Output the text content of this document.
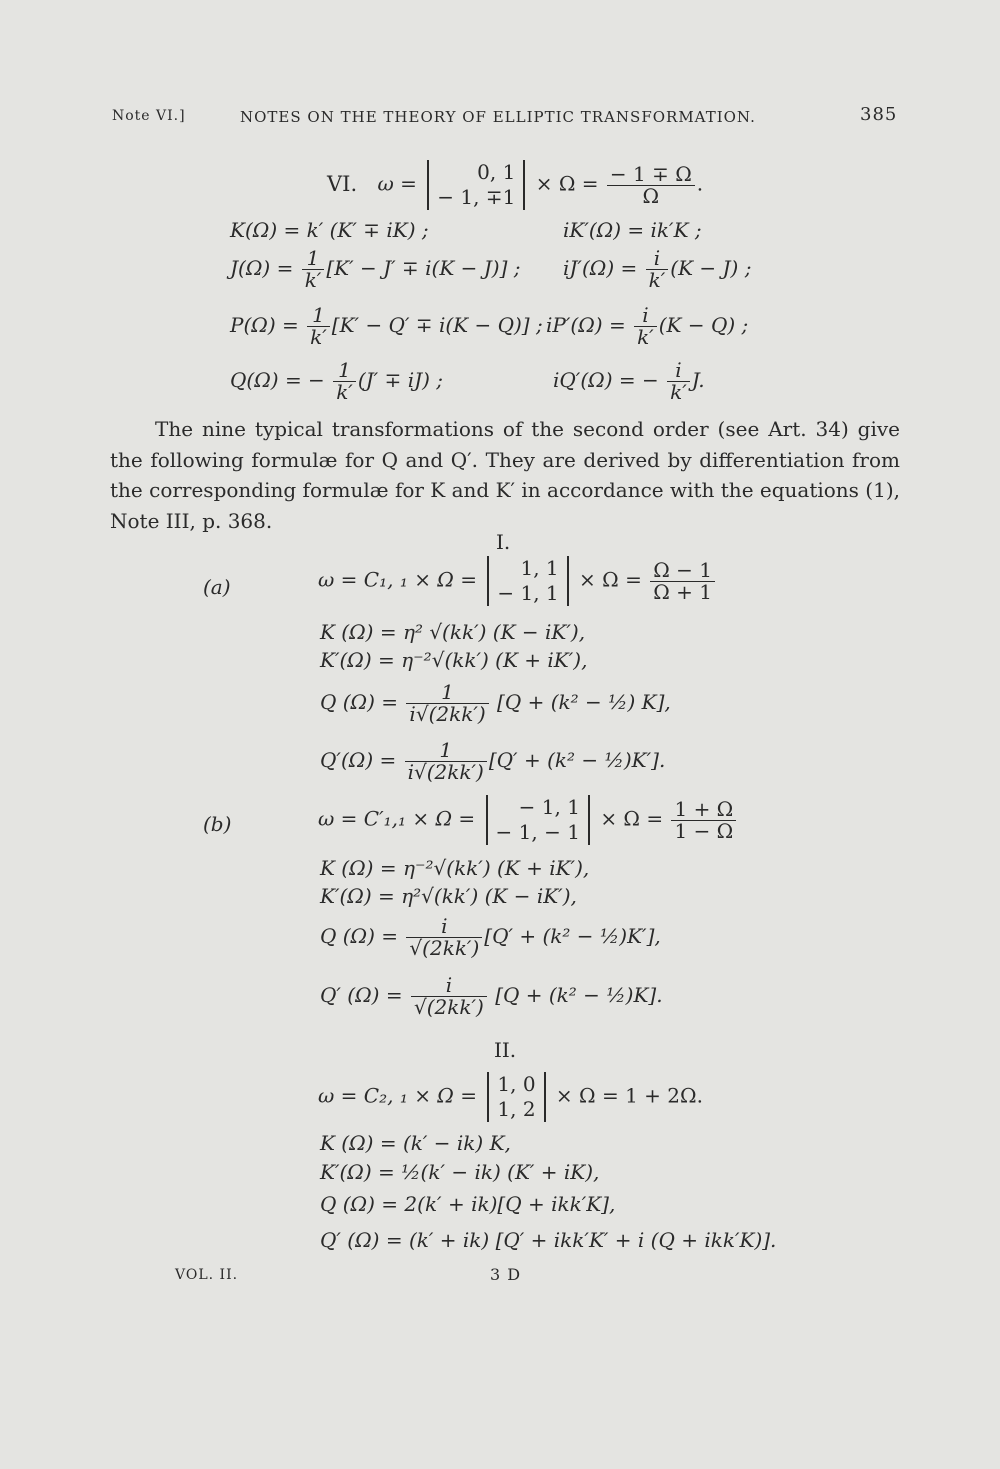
Note VI.]	NOTES ON THE THEORY OF ELLIPTIC TRANSFORMATION.	385
VI. ω =	0, 1
− 1, ∓1
× $\Omega = \frac{- 1 \mp \Omega}{\Omega}$ .
K(Ω) = k′ (K′ ∓ iK) ;	iK′(Ω) = ik′K ;
$J(\Omega) = \frac{1}{k'} [K' - J' \mp i(K - J)]$ ; $iJ'(\Omega) = \frac{i}{k'} (K - J)$ ;
$P(\Omega) = \frac{1}{k'} [K' - Q' \mp i(K - Q)]$ ; $iP'(\Omega) = \frac{i}{k'} (K - Q)$ ;
Q(Ω) = − $\frac{1}{k'} (J' \mp iJ)$ ;	iQ′(Ω) = − $\frac{i}{k'} J$.
The nine typical transformations of the second order (see Art. 34) give the following formulæ for Q and Q′. They are derived by differentiation from the corresponding formulæ for K and K′ in accordance with the equations (1), Note III, p. 368.
I.
(a)	ω = C₁, ₁ × Ω =	1, 1
− 1, 1
× $\Omega = \frac{\Omega - 1}{\Omega + 1}$
K (Ω) = η² √(kk′) (K − iK′),
K′(Ω) = η⁻²√(kk′) (K + iK′),
Q $(\Omega) = \frac{1}{i√(2kk')} [Q + (k^2$ − ½) K],
$Q'(\Omega) = \frac{1}{i√(2kk')} [Q' + (k^2$ − ½)K′].
(b)	ω = C′₁,₁ × Ω =	− 1, 1
− 1, − 1
× $\Omega = \frac{1 + \Omega}{1 - \Omega}$
K (Ω) = η⁻²√(kk′) (K + iK′),
K′(Ω) = η²√(kk′) (K − iK′),
Q $(\Omega) = \frac{i}{√(2kk')} [Q' + (k^2$ − ½)K′],
Q′ $(\Omega) = \frac{i}{√(2kk')} [Q + (k^2$ − ½)K].
II.
ω = C₂, ₁ × Ω = 1, 0
1, 2
× Ω = 1 + 2Ω.
K (Ω) = (k′ − ik) K,
K′(Ω) = ½(k′ − ik) (K′ + iK),
Q (Ω) = 2(k′ + ik)[Q + ikk′K],
Q′ (Ω) = (k′ + ik) [Q′ + ikk′K′ + i (Q + ikk′K)].
VOL. II.	3 D
